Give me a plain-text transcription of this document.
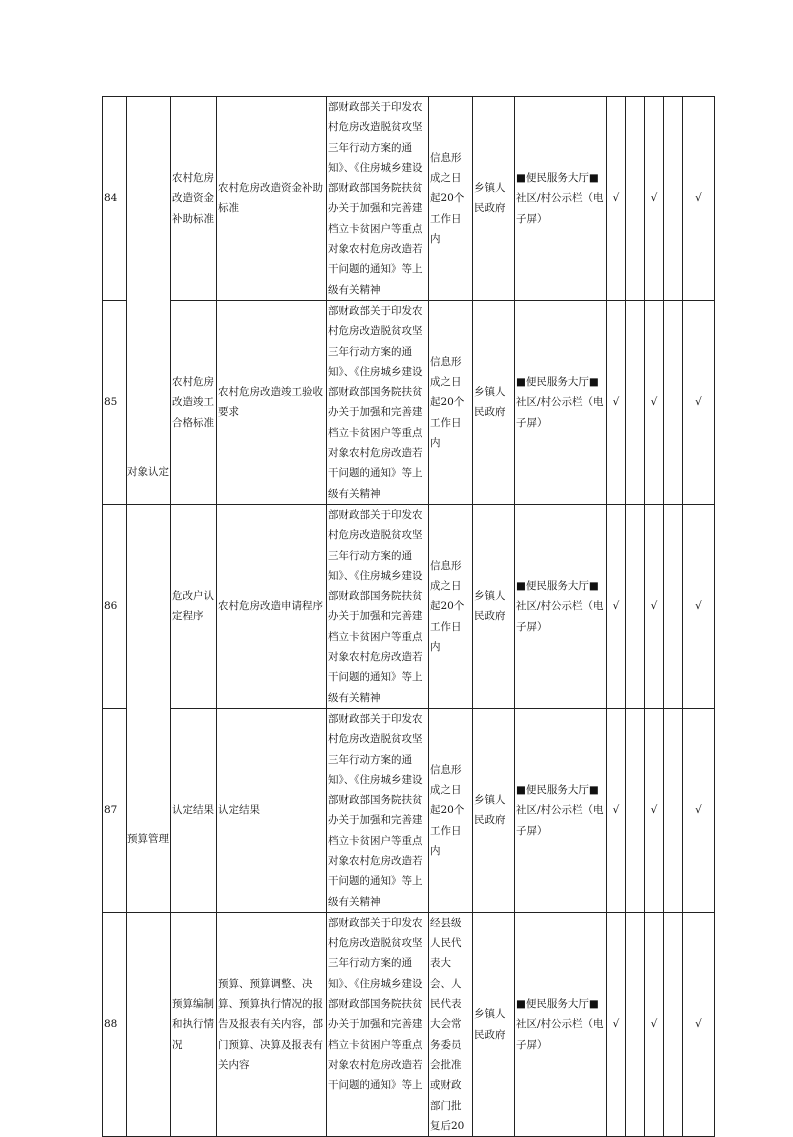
84		农村危房改造资金补助标准	农村危房改造资金补助标准	部财政部关于印发农村危房改造脱贫攻坚三年行动方案的通知》、《住房城乡建设部财政部国务院扶贫办关于加强和完善建档立卡贫困户等重点对象农村危房改造若干问题的通知》等上级有关精神	信息形成之日起20个工作日内	乡镇人民政府	■便民服务大厅■社区/村公示栏（电子屏）	√		√		√
85		农村危房改造竣工合格标准	农村危房改造竣工验收要求	部财政部关于印发农村危房改造脱贫攻坚三年行动方案的通知》、《住房城乡建设部财政部国务院扶贫办关于加强和完善建档立卡贫困户等重点对象农村危房改造若干问题的通知》等上级有关精神	信息形成之日起20个工作日内	乡镇人民政府	■便民服务大厅■社区/村公示栏（电子屏）	√		√		√
86		危改户认定程序	农村危房改造申请程序	部财政部关于印发农村危房改造脱贫攻坚三年行动方案的通知》、《住房城乡建设部财政部国务院扶贫办关于加强和完善建档立卡贫困户等重点对象农村危房改造若干问题的通知》等上级有关精神	信息形成之日起20个工作日内	乡镇人民政府	■便民服务大厅■社区/村公示栏（电子屏）	√		√		√
87		认定结果	认定结果	部财政部关于印发农村危房改造脱贫攻坚三年行动方案的通知》、《住房城乡建设部财政部国务院扶贫办关于加强和完善建档立卡贫困户等重点对象农村危房改造若干问题的通知》等上级有关精神	信息形成之日起20个工作日内	乡镇人民政府	■便民服务大厅■社区/村公示栏（电子屏）	√		√		√
88		预算编制和执行情况	预算、预算调整、决算、预算执行情况的报告及报表有关内容，部门预算、决算及报表有关内容	部财政部关于印发农村危房改造脱贫攻坚三年行动方案的通知》、《住房城乡建设部财政部国务院扶贫办关于加强和完善建档立卡贫困户等重点对象农村危房改造若干问题的通知》等上	经县级人民代表大会、人民代表大会常务委员会批准或财政部门批复后20	乡镇人民政府	■便民服务大厅■社区/村公示栏（电子屏）	√		√		√
对象认定
预算管理
